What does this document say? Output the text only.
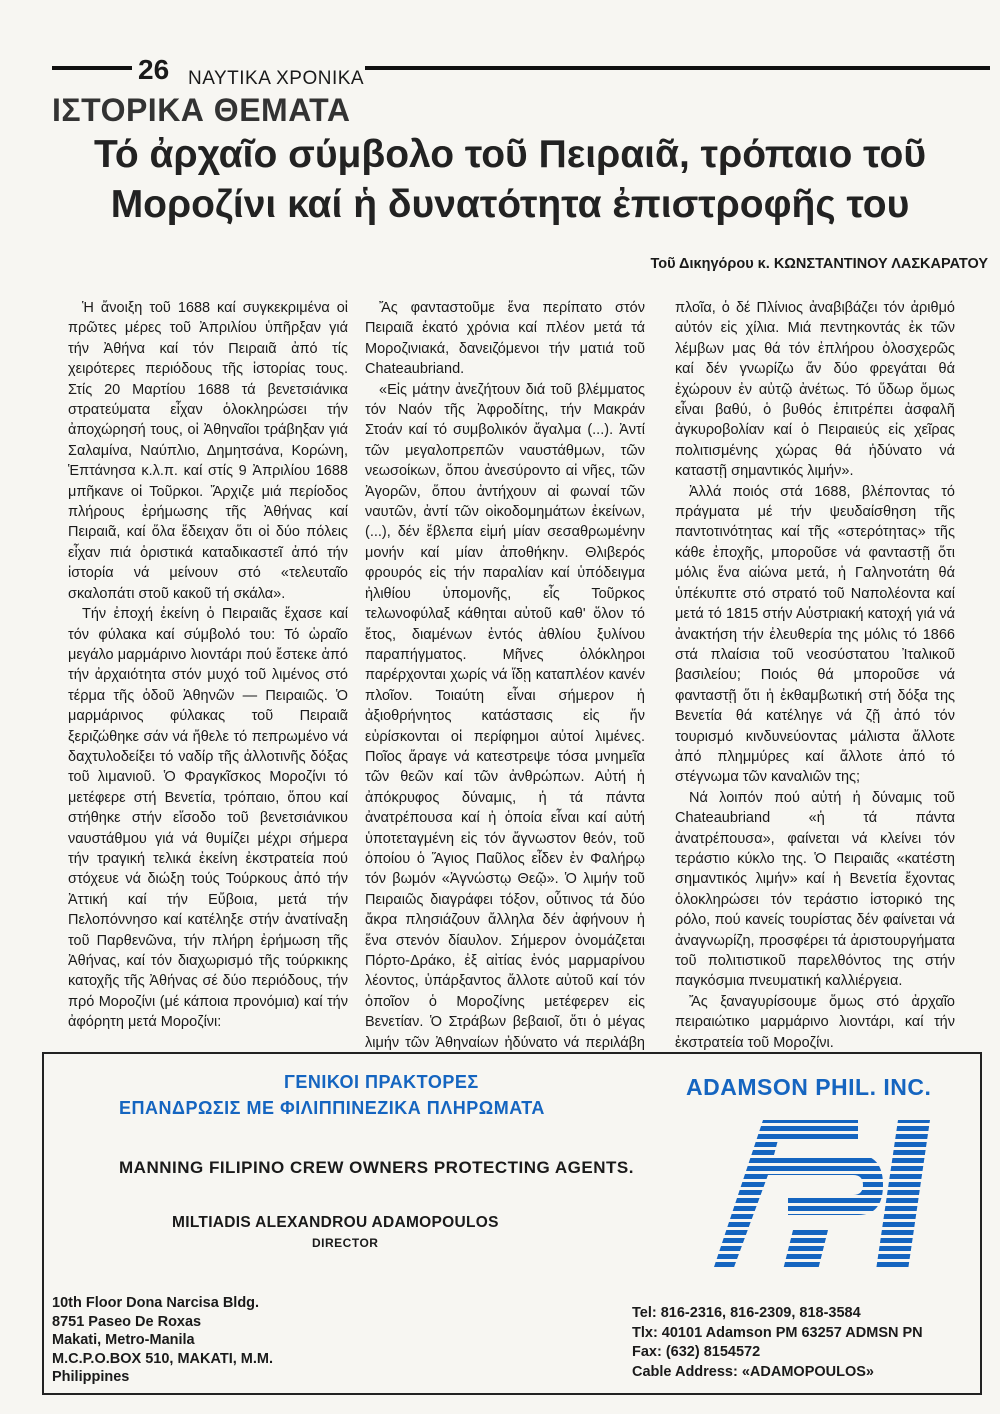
26 ΝΑΥΤΙΚΑ ΧΡΟΝΙΚΑ
ΙΣΤΟΡΙΚΑ ΘΕΜΑΤΑ
Τό ἀρχαῖο σύμβολο τοῦ Πειραιᾶ, τρόπαιο τοῦ
Μοροζίνι καί ἡ δυνατότητα ἐπιστροφῆς του
Τοῦ Δικηγόρου κ. ΚΩΝΣΤΑΝΤΙΝΟΥ ΛΑΣΚΑΡΑΤΟΥ

Ἡ ἄνοιξη τοῦ 1688 καί συγκεκριμένα οἱ πρῶτες μέρες τοῦ Ἀπριλίου ὑπῆρξαν γιά τήν Ἀθήνα καί τόν Πειραιᾶ ἀπό τίς χειρότερες περιόδους τῆς ἱστορίας τους. Στίς 20 Μαρτίου 1688 τά βενετσιάνικα στρατεύματα εἶχαν ὁλοκληρώσει τήν ἀποχώρησή τους, οἱ Ἀθηναῖοι τράβηξαν γιά Σαλαμίνα, Ναύπλιο, Δημητσάνα, Κορώνη, Ἑπτάνησα κ.λ.π. καί στίς 9 Ἀπριλίου 1688 μπῆκανε οἱ Τοῦρκοι. Ἄρχιζε μιά περίοδος πλήρους ἐρήμωσης τῆς Ἀθήνας καί Πειραιᾶ, καί ὅλα ἔδειχαν ὅτι οἱ δύο πόλεις εἶχαν πιά ὁριστικά καταδικαστεῖ ἀπό τήν ἱστορία νά μείνουν στό «τελευταῖο σκαλοπάτι στοῦ κακοῦ τή σκάλα».

Τήν ἐποχή ἐκείνη ὁ Πειραιᾶς ἔχασε καί τόν φύλακα καί σύμβολό του: Τό ὡραῖο μεγάλο μαρμάρινο λιοντάρι πού ἔστεκε ἀπό τήν ἀρχαιότητα στόν μυχό τοῦ λιμένος στό τέρμα τῆς ὁδοῦ Ἀθηνῶν — Πειραιῶς. Ὁ μαρμάρινος φύλακας τοῦ Πειραιᾶ ξεριζώθηκε σάν νά ἤθελε τό πεπρωμένο νά δαχτυλοδείξει τό ναδίρ τῆς ἀλλοτινῆς δόξας τοῦ λιμανιοῦ. Ὁ Φραγκῖσκος Μοροζίνι τό μετέφερε στή Βενετία, τρόπαιο, ὅπου καί στήθηκε στήν εἴσοδο τοῦ βενετσιάνικου ναυστάθμου γιά νά θυμίζει μέχρι σήμερα τήν τραγική τελικά ἐκείνη ἐκστρατεία πού στόχευε νά διώξη τούς Τούρκους ἀπό τήν Ἀττική καί τήν Εὔβοια, μετά τήν Πελοπόννησο καί κατέληξε στήν ἀνατίναξη τοῦ Παρθενῶνα, τήν πλήρη ἐρήμωση τῆς Ἀθήνας, καί τόν διαχωρισμό τῆς τούρκικης κατοχῆς τῆς Ἀθήνας σέ δύο περιόδους, τήν πρό Μοροζίνι (μέ κάποια προνόμια) καί τήν ἀφόρητη μετά Μοροζίνι:

Ἄς φανταστοῦμε ἕνα περίπατο στόν Πειραιᾶ ἑκατό χρόνια καί πλέον μετά τά Μοροζινιακά, δανειζόμενοι τήν ματιά τοῦ Chateaubriand.

«Εἰς μάτην ἀνεζήτουν διά τοῦ βλέμματος τόν Ναόν τῆς Ἀφροδίτης, τήν Μακράν Στοάν καί τό συμβολικόν ἄγαλμα (...). Ἀντί τῶν μεγαλοπρεπῶν ναυστάθμων, τῶν νεωσοίκων, ὅπου ἀνεσύροντο αἱ νῆες, τῶν Ἀγορῶν, ὅπου ἀντήχουν αἱ φωναί τῶν ναυτῶν, ἀντί τῶν οἰκοδομημάτων ἐκείνων, (...), δέν ἔβλεπα εἰμή μίαν σεσαθρωμένην μονήν καί μίαν ἀποθήκην. Θλιβερός φρουρός εἰς τήν παραλίαν καί ὑπόδειγμα ἠλιθίου ὑπομονῆς, εἷς Τοῦρκος τελωνοφύλαξ κάθηται αὐτοῦ καθ' ὅλον τό ἔτος, διαμένων ἐντός ἀθλίου ξυλίνου παραπήγματος. Μῆνες ὁλόκληροι παρέρχονται χωρίς νά ἴδῃ καταπλέον κανέν πλοῖον. Τοιαύτη εἶναι σήμερον ἡ ἀξιοθρήνητος κατάστασις εἰς ἥν εὑρίσκονται οἱ περίφημοι αὐτοί λιμένες. Ποῖος ἄραγε νά κατεστρεψε τόσα μνημεῖα τῶν θεῶν καί τῶν ἀνθρώπων. Αὐτή ἡ ἀπόκρυφος δύναμις, ἡ τά πάντα ἀνατρέπουσα καί ἡ ὁποία εἶναι καί αὐτή ὑποτεταγμένη εἰς τόν ἄγνωστον θεόν, τοῦ ὁποίου ὁ Ἅγιος Παῦλος εἶδεν ἐν Φαλήρῳ τόν βωμόν «Ἀγνώστῳ Θεῷ». Ὁ λιμήν τοῦ Πειραιῶς διαγράφει τόξον, οὗτινος τά δύο ἄκρα πλησιάζουν ἄλληλα δέν ἀφήνουν ἡ ἕνα στενόν δίαυλον. Σήμερον ὀνομάζεται Πόρτο-Δράκο, ἐξ αἰτίας ἑνός μαρμαρίνου λέοντος, ὑπάρξαντος ἄλλοτε αὐτοῦ καί τόν ὁποῖον ὁ Μοροζίνης μετέφερεν εἰς Βενετίαν. Ὁ Στράβων βεβαιοῖ, ὅτι ὁ μέγας λιμήν τῶν Ἀθηναίων ἠδύνατο νά περιλάβη

πλοῖα, ὁ δέ Πλίνιος ἀναβιβάζει τόν ἀριθμό αὐτόν εἰς χίλια. Μιά πεντηκοντάς ἐκ τῶν λέμβων μας θά τόν ἐπλήρου ὁλοσχερῶς καί δέν γνωρίζω ἄν δύο φρεγάται θά ἐχώρουν ἐν αὐτῷ ἀνέτως. Τό ὕδωρ ὅμως εἶναι βαθύ, ὁ βυθός ἐπιτρέπει ἀσφαλῆ ἀγκυροβολίαν καί ὁ Πειραιεύς εἰς χεῖρας πολιτισμένης χώρας θά ἠδύνατο νά καταστῇ σημαντικός λιμήν».

Ἀλλά ποιός στά 1688, βλέποντας τό πράγματα μέ τήν ψευδαίσθηση τῆς παντοτινότητας καί τῆς «στερότητας» τῆς κάθε ἐποχῆς, μποροῦσε νά φανταστῇ ὅτι μόλις ἕνα αἰώνα μετά, ἡ Γαληνοτάτη θά ὑπέκυπτε στό στρατό τοῦ Ναπολέοντα καί μετά τό 1815 στήν Αὐστριακή κατοχή γιά νά ἀνακτήση τήν ἐλευθερία της μόλις τό 1866 στά πλαίσια τοῦ νεοσύστατου Ἰταλικοῦ βασιλείου; Ποιός θά μποροῦσε νά φανταστῇ ὅτι ἡ ἐκθαμβωτική στή δόξα της Βενετία θά κατέληγε νά ζῇ ἀπό τόν τουρισμό κινδυνεύοντας μάλιστα ἄλλοτε ἀπό πλημμύρες καί ἄλλοτε ἀπό τό στέγνωμα τῶν καναλιῶν της;

Νά λοιπόν πού αὐτή ἡ δύναμις τοῦ Chateaubriand «ἡ τά πάντα ἀνατρέπουσα», φαίνεται νά κλείνει τόν τεράστιο κύκλο της. Ὁ Πειραιᾶς «κατέστη σημαντικός λιμήν» καί ἡ Βενετία ἔχοντας ὁλοκληρώσει τόν τεράστιο ἱστορικό της ρόλο, πού κανείς τουρίστας δέν φαίνεται νά ἀναγνωρίζη, προσφέρει τά ἀριστουργήματα τοῦ πολιτιστικοῦ παρελθόντος της στήν παγκόσμια πνευματική καλλιέργεια.

Ἄς ξαναγυρίσουμε ὅμως στό ἀρχαῖο πειραιώτικο μαρμάρινο λιοντάρι, καί τήν ἐκστρατεία τοῦ Μοροζίνι.

ΓΕΝΙΚΟΙ ΠΡΑΚΤΟΡΕΣ
ΕΠΑΝΔΡΩΣΙΣ ΜΕ ΦΙΛΙΠΠΙΝΕΖΙΚΑ ΠΛΗΡΩΜΑΤΑ
ADAMSON PHIL. INC.
MANNING FILIPINO CREW OWNERS PROTECTING AGENTS.
MILTIADIS ALEXANDROU ADAMOPOULOS
DIRECTOR
10th Floor Dona Narcisa Bldg.
8751 Paseo De Roxas
Makati, Metro-Manila
M.C.P.O.BOX 510, MAKATI, M.M.
Philippines
Tel: 816-2316, 816-2309, 818-3584
Tlx: 40101 Adamson PM 63257 ADMSN PN
Fax: (632) 8154572
Cable Address: «ADAMOPOULOS»
